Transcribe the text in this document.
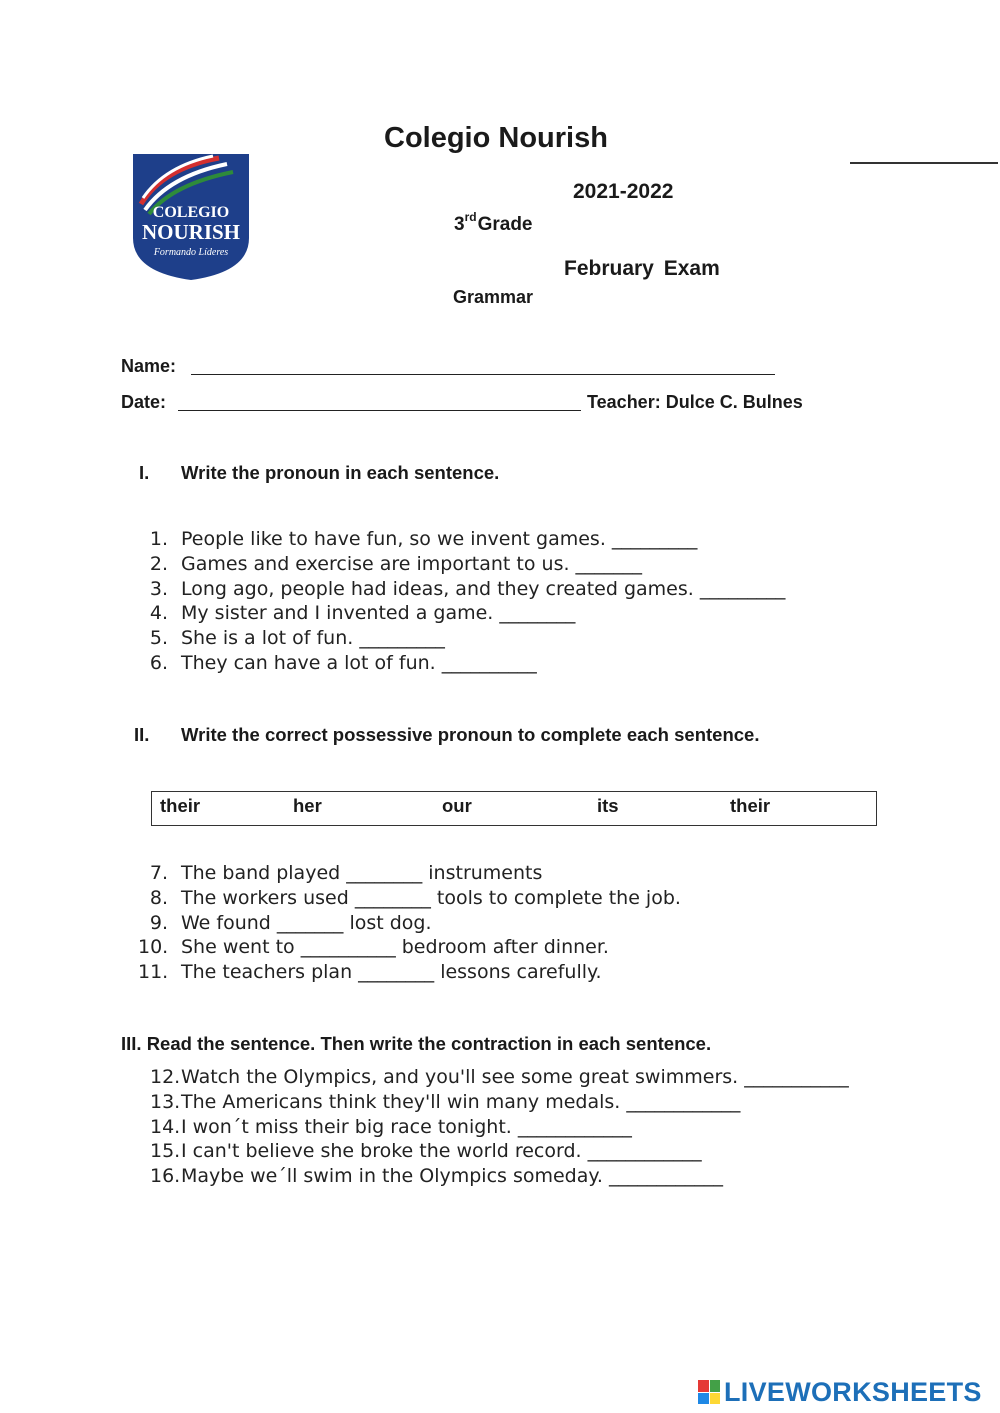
COLEGIO
NOURISH
Formando Líderes
Colegio Nourish
2021-2022
3rdGrade
February Exam
Grammar
Name:
Date:	Teacher: Dulce C. Bulnes
I. Write the pronoun in each sentence.
1. People like to have fun, so we invent games. _________
2. Games and exercise are important to us. _______
3. Long ago, people had ideas, and they created games. _________
4. My sister and I invented a game. ________
5. She is a lot of fun. _________
6. They can have a lot of fun. __________
II. Write the correct possessive pronoun to complete each sentence.
their	her	our	its	their
7. The band played ________ instruments
8. The workers used ________ tools to complete the job.
9. We found _______ lost dog.
10. She went to __________ bedroom after dinner.
11. The teachers plan ________ lessons carefully.
III. Read the sentence. Then write the contraction in each sentence.
12. Watch the Olympics, and you'll see some great swimmers. ___________
13. The Americans think they'll win many medals. ____________
14. I won´t miss their big race tonight. ____________
15. I can't believe she broke the world record. ____________
16. Maybe we´ll swim in the Olympics someday. ____________
LIVEWORKSHEETS
